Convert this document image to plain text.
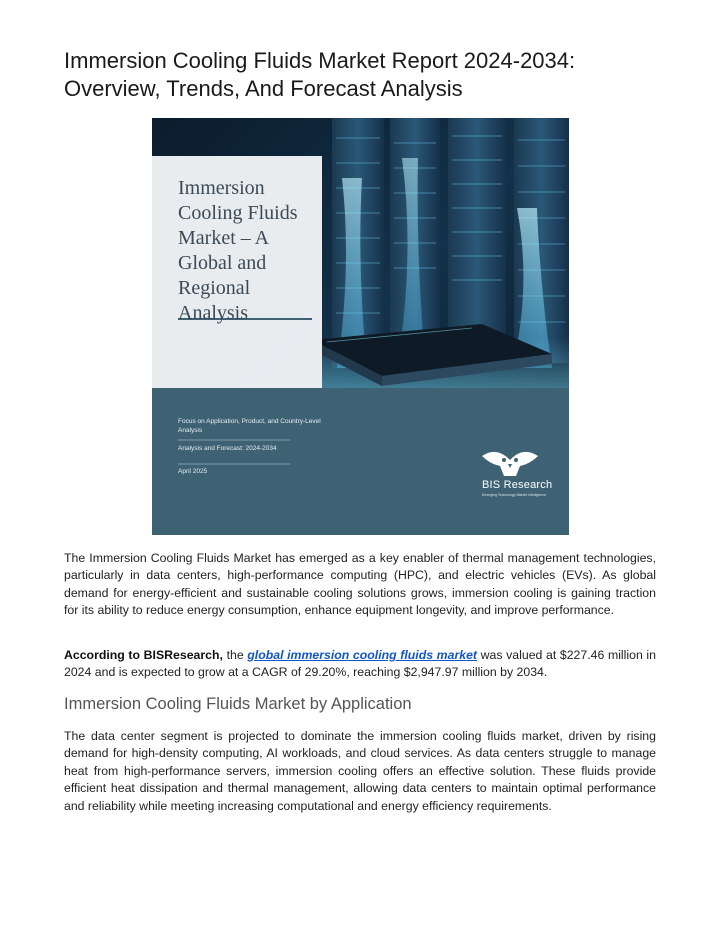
Immersion Cooling Fluids Market Report 2024-2034: Overview, Trends, And Forecast Analysis
Immersion Cooling Fluids Market – A Global and Regional Analysis
Focus on Application, Product, and Country-Level Analysis
Analysis and Forecast: 2024-2034
April 2025
BIS Research
Emerging Technology Market Intelligence

The Immersion Cooling Fluids Market has emerged as a key enabler of thermal management technologies, particularly in data centers, high-performance computing (HPC), and electric vehicles (EVs). As global demand for energy-efficient and sustainable cooling solutions grows, immersion cooling is gaining traction for its ability to reduce energy consumption, enhance equipment longevity, and improve performance.

According to BISResearch, the global immersion cooling fluids market was valued at $227.46 million in 2024 and is expected to grow at a CAGR of 29.20%, reaching $2,947.97 million by 2034.

Immersion Cooling Fluids Market by Application

The data center segment is projected to dominate the immersion cooling fluids market, driven by rising demand for high-density computing, AI workloads, and cloud services. As data centers struggle to manage heat from high-performance servers, immersion cooling offers an effective solution. These fluids provide efficient heat dissipation and thermal management, allowing data centers to maintain optimal performance and reliability while meeting increasing computational and energy efficiency requirements.
